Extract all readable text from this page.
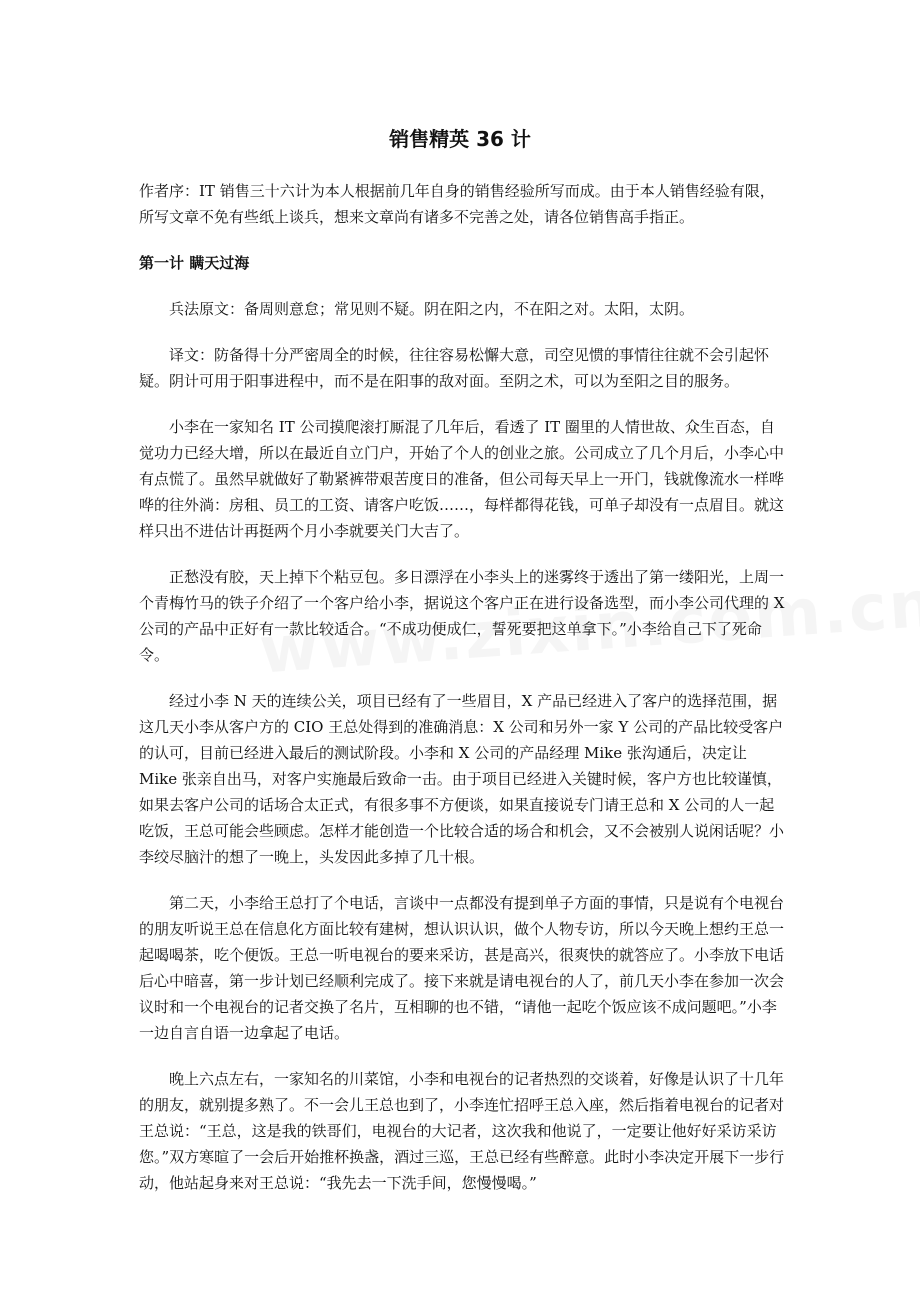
销售精英 36 计

作者序：IT 销售三十六计为本人根据前几年自身的销售经验所写而成。由于本人销售经验有限，所写文章不免有些纸上谈兵，想来文章尚有诸多不完善之处，请各位销售高手指正。

第一计 瞒天过海

兵法原文：备周则意怠；常见则不疑。阴在阳之内，不在阳之对。太阳，太阴。

译文：防备得十分严密周全的时候，往往容易松懈大意，司空见惯的事情往往就不会引起怀疑。阴计可用于阳事进程中，而不是在阳事的敌对面。至阴之术，可以为至阳之目的服务。

小李在一家知名 IT 公司摸爬滚打厮混了几年后，看透了 IT 圈里的人情世故、众生百态，自觉功力已经大增，所以在最近自立门户，开始了个人的创业之旅。公司成立了几个月后，小李心中有点慌了。虽然早就做好了勒紧裤带艰苦度日的准备，但公司每天早上一开门，钱就像流水一样哗哗的往外淌：房租、员工的工资、请客户吃饭……，每样都得花钱，可单子却没有一点眉目。就这样只出不进估计再挺两个月小李就要关门大吉了。

正愁没有胶，天上掉下个粘豆包。多日漂浮在小李头上的迷雾终于透出了第一缕阳光，上周一个青梅竹马的铁子介绍了一个客户给小李，据说这个客户正在进行设备选型，而小李公司代理的 X 公司的产品中正好有一款比较适合。“不成功便成仁，誓死要把这单拿下。”小李给自己下了死命令。

经过小李 N 天的连续公关，项目已经有了一些眉目，X 产品已经进入了客户的选择范围，据这几天小李从客户方的 CIO 王总处得到的准确消息：X 公司和另外一家 Y 公司的产品比较受客户的认可，目前已经进入最后的测试阶段。小李和 X 公司的产品经理 Mike 张沟通后，决定让 Mike 张亲自出马，对客户实施最后致命一击。由于项目已经进入关键时候，客户方也比较谨慎，如果去客户公司的话场合太正式，有很多事不方便谈，如果直接说专门请王总和 X 公司的人一起吃饭，王总可能会些顾虑。怎样才能创造一个比较合适的场合和机会，又不会被别人说闲话呢？小李绞尽脑汁的想了一晚上，头发因此多掉了几十根。

第二天，小李给王总打了个电话，言谈中一点都没有提到单子方面的事情，只是说有个电视台的朋友听说王总在信息化方面比较有建树，想认识认识，做个人物专访，所以今天晚上想约王总一起喝喝茶，吃个便饭。王总一听电视台的要来采访，甚是高兴，很爽快的就答应了。小李放下电话后心中暗喜，第一步计划已经顺利完成了。接下来就是请电视台的人了，前几天小李在参加一次会议时和一个电视台的记者交换了名片，互相聊的也不错，“请他一起吃个饭应该不成问题吧。”小李一边自言自语一边拿起了电话。

晚上六点左右，一家知名的川菜馆，小李和电视台的记者热烈的交谈着，好像是认识了十几年的朋友，就别提多熟了。不一会儿王总也到了，小李连忙招呼王总入座，然后指着电视台的记者对王总说：“王总，这是我的铁哥们，电视台的大记者，这次我和他说了，一定要让他好好采访采访您。”双方寒暄了一会后开始推杯换盏，酒过三巡，王总已经有些醉意。此时小李决定开展下一步行动，他站起身来对王总说：“我先去一下洗手间，您慢慢喝。”
